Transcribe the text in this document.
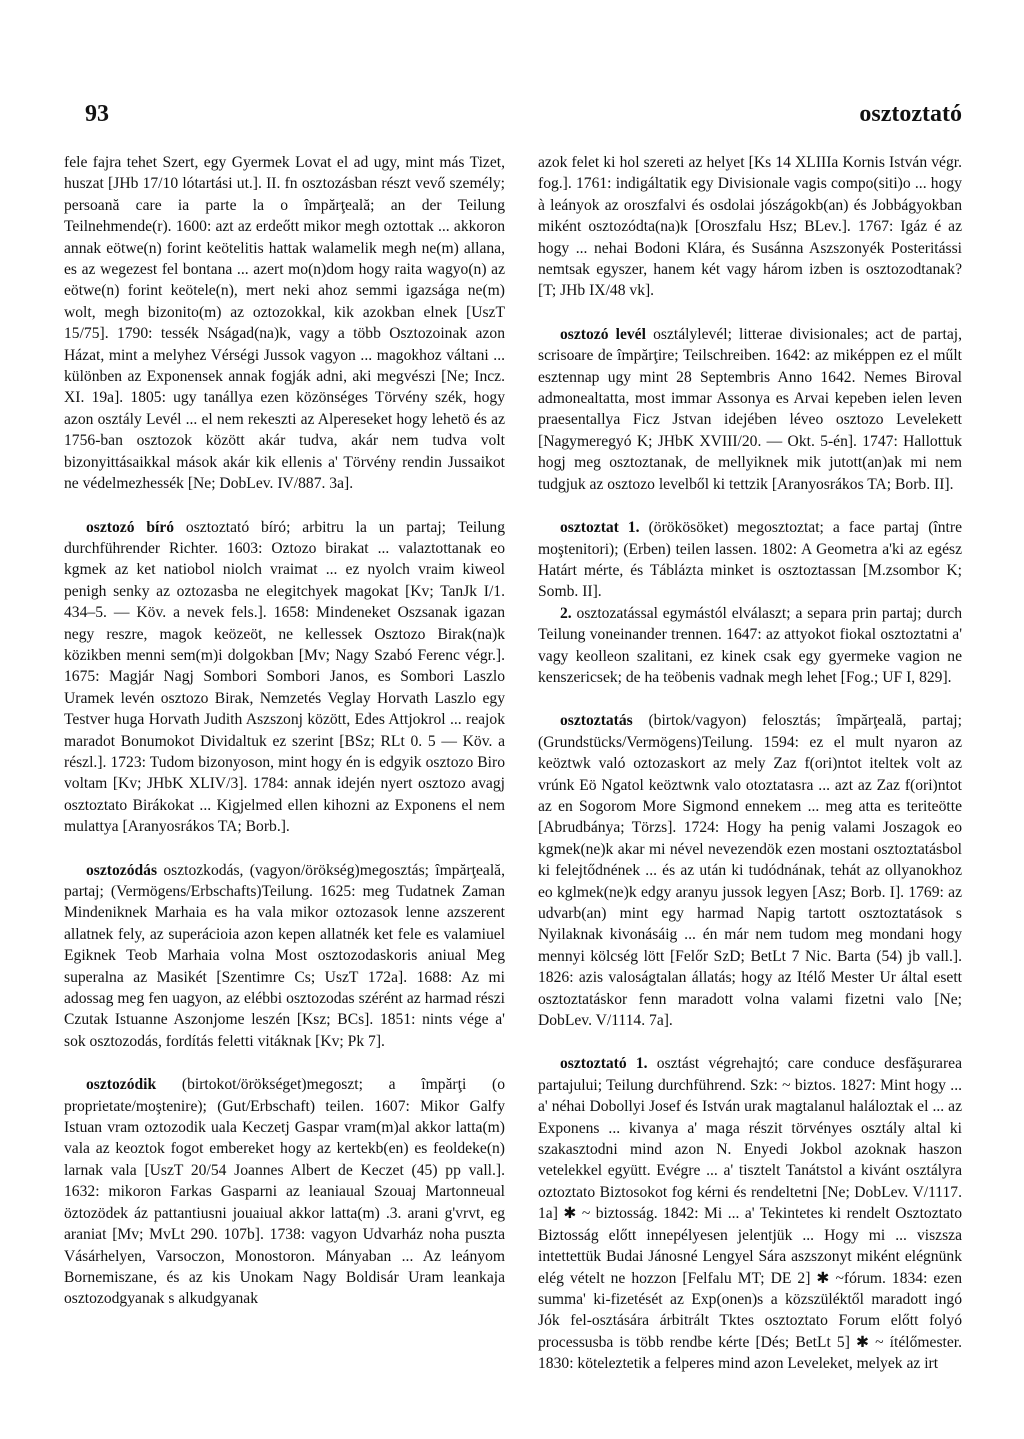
93	osztoztató

fele fajra tehet Szert, egy Gyermek Lovat el ad ugy, mint más Tizet, huszat [JHb 17/10 lótartási ut.]. II. fn osztozásban részt vevő személy; persoană care ia parte la o împărţeală; an der Teilung Teilnehmende(r). 1600: azt az erdeőtt mikor megh oztottak ... akkoron annak eötwe(n) forint keötelitis hattak walamelik megh ne(m) allana, es az wegezest fel bontana ... azert mo(n)dom hogy raita wagyo(n) az eötwe(n) forint keötele(n), mert neki ahoz semmi igazsága ne(m) wolt, megh bizonito(m) az oztozokkal, kik azokban elnek [UszT 15/75]. 1790: tessék Nságad(na)k, vagy a több Osztozoinak azon Házat, mint a melyhez Vérségi Jussok vagyon ... magokhoz váltani ... különben az Exponensek annak fogják adni, aki megvészi [Ne; Incz. XI. 19a]. 1805: ugy tanállya ezen közönséges Törvény szék, hogy azon osztály Levél ... el nem rekeszti az Alpereseket hogy lehetö és az 1756-ban osztozok között akár tudva, akár nem tudva volt bizonyittásaikkal mások akár kik ellenis a' Törvény rendin Jussaikot ne védelmezhessék [Ne; DobLev. IV/887. 3a].

osztozó bíró osztoztató bíró; arbitru la un partaj; Teilung durchführender Richter. 1603: Oztozo birakat ... valaztottanak eo kgmek az ket natiobol niolch vraimat ... ez nyolch vraim kiweol penigh senky az oztozasba ne elegitchyek magokat [Kv; TanJk I/1. 434–5. — Köv. a nevek fels.]. 1658: Mindeneket Oszsanak igazan negy reszre, magok keözeöt, ne kellessek Osztozo Birak(na)k közikben menni sem(m)i dolgokban [Mv; Nagy Szabó Ferenc végr.]. 1675: Magjár Nagj Sombori Sombori Janos, es Sombori Laszlo Uramek levén osztozo Birak, Nemzetés Veglay Horvath Laszlo egy Testver huga Horvath Judith Aszszonj között, Edes Attjokrol ... reajok maradot Bonumokot Dividaltuk ez szerint [BSz; RLt 0. 5 — Köv. a részl.]. 1723: Tudom bizonyoson, mint hogy én is edgyik osztozo Biro voltam [Kv; JHbK XLIV/3]. 1784: annak idején nyert osztozo avagj osztoztato Birákokat ... Kigjelmed ellen kihozni az Exponens el nem mulattya [Aranyosrákos TA; Borb.].

osztozódás osztozkodás, (vagyon/örökség)megosztás; împărţeală, partaj; (Vermögens/Erbschafts)Teilung. 1625: meg Tudatnek Zaman Mindeniknek Marhaia es ha vala mikor oztozasok lenne azszerent allatnek fely, az superácioia azon kepen allatnék ket fele es valamiuel Egiknek Teob Marhaia volna Most osztozodaskoris aniual Meg superalna az Masikét [Szentimre Cs; UszT 172a]. 1688: Az mi adossag meg fen uagyon, az elébbi osztozodas szérént az harmad részi Czutak Istuanne Aszonjome leszén [Ksz; BCs]. 1851: nints vége a' sok osztozodás, fordítás feletti vitáknak [Kv; Pk 7].

osztozódik (birtokot/örökséget)megoszt; a împărţi (o proprietate/moştenire); (Gut/Erbschaft) teilen. 1607: Mikor Galfy Istuan vram oztozodik uala Keczetj Gaspar vram(m)al akkor latta(m) vala az keoztok fogot embereket hogy az kertekb(en) es feoldeke(n) larnak vala [UszT 20/54 Joannes Albert de Keczet (45) pp vall.]. 1632: mikoron Farkas Gasparni az leaniaual Szouaj Martonneual öztozödek áz pattantiusni jouaiual akkor latta(m) .3. arani g'vrvt, eg araniat [Mv; MvLt 290. 107b]. 1738: vagyon Udvarház noha puszta Vásárhelyen, Varsoczon, Monostoron. Mányaban ... Az leányom Bornemiszane, és az kis Unokam Nagy Boldisár Uram leankaja osztozodgyanak s alkudgyanak

azok felet ki hol szereti az helyet [Ks 14 XLIIIa Kornis István végr. fog.]. 1761: indigáltatik egy Divisionale vagis compo(siti)o ... hogy à leányok az oroszfalvi és osdolai jószágokb(an) és Jobbágyokban miként osztozódta(na)k [Oroszfalu Hsz; BLev.]. 1767: Igáz é az hogy ... nehai Bodoni Klára, és Susánna Aszszonyék Posteritássi nemtsak egyszer, hanem két vagy három izben is osztozodtanak? [T; JHb IX/48 vk].

osztozó levél osztálylevél; litterae divisionales; act de partaj, scrisoare de împărţire; Teilschreiben. 1642: az miképpen ez el műlt esztennap ugy mint 28 Septembris Anno 1642. Nemes Biroval admonealtatta, most immar Assonya es Arvai kepeben ielen leven praesentallya Ficz Jstvan idejében léveo osztozo Levelekett [Nagymeregyó K; JHbK XVIII/20. — Okt. 5-én]. 1747: Hallottuk hogj meg osztoztanak, de mellyiknek mik jutott(an)ak mi nem tudgjuk az osztozo levelből ki tettzik [Aranyosrákos TA; Borb. II].

osztoztat 1. (örökösöket) megosztoztat; a face partaj (între moştenitori); (Erben) teilen lassen. 1802: A Geometra a'ki az egész Határt mérte, és Táblázta minket is osztoztassan [M.zsombor K; Somb. II].

2. osztozatással egymástól elválaszt; a separa prin partaj; durch Teilung voneinander trennen. 1647: az attyokot fiokal osztoztatni a' vagy keolleon szalitani, ez kinek csak egy gyermeke vagion ne kenszericsek; de ha teöbenis vadnak megh lehet [Fog.; UF I, 829].

osztoztatás (birtok/vagyon) felosztás; împărţeală, partaj; (Grundstücks/Vermögens)Teilung. 1594: ez el mult nyaron az keöztwk való oztozaskort az mely Zaz f(ori)ntot iteltek volt az vrúnk Eö Ngatol keöztwnk valo otoztatasra ... azt az Zaz f(ori)ntot az en Sogorom More Sigmond ennekem ... meg atta es teriteötte [Abrudbánya; Törzs]. 1724: Hogy ha penig valami Joszagok eo kgmek(ne)k akar mi nével nevezendök ezen mostani osztoztatásbol ki felejtődnének ... és az után ki tudódnának, tehát az ollyanokhoz eo kglmek(ne)k edgy aranyu jussok legyen [Asz; Borb. I]. 1769: az udvarb(an) mint egy harmad Napig tartott osztoztatások s Nyilaknak kivonásáig ... én már nem tudom meg mondani hogy mennyi kölcség lött [Felőr SzD; BetLt 7 Nic. Barta (54) jb vall.]. 1826: azis valoságtalan állatás; hogy az Itélő Mester Ur által esett osztoztatáskor fenn maradott volna valami fizetni valo [Ne; DobLev. V/1114. 7a].

osztoztató 1. osztást végrehajtó; care conduce desfăşurarea partajului; Teilung durchführend. Szk: ~ biztos. 1827: Mint hogy ... a' néhai Dobollyi Josef és István urak magtalanul haláloztak el ... az Exponens ... kivanya a' maga részit törvényes osztály altal ki szakasztodni mind azon N. Enyedi Jokbol azoknak haszon vetelekkel együtt. Evégre ... a' tisztelt Tanátstol a kivánt osztályra oztoztato Biztosokot fog kérni és rendeltetni [Ne; DobLev. V/1117. 1a] ✱ ~ biztosság. 1842: Mi ... a' Tekintetes ki rendelt Osztoztato Biztosság előtt innepélyesen jelentjük ... Hogy mi ... viszsza intettettük Budai Jánosné Lengyel Sára aszszonyt miként elégnünk elég vételt ne hozzon [Felfalu MT; DE 2] ✱ ~fórum. 1834: ezen summa' ki-fizetését az Exp(onen)s a közszüléktől maradott ingó Jók fel-osztására árbitrált Tktes osztoztato Forum előtt folyó processusba is több rendbe kérte [Dés; BetLt 5] ✱ ~ ítélőmester. 1830: köteleztetik a felperes mind azon Leveleket, melyek az irt
